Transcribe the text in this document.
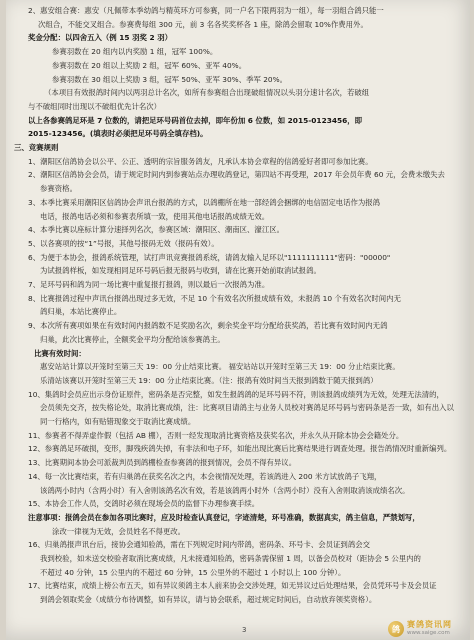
2、惠安组合赛：惠安（凡佩带本季幼鸽与精英环方可参赛，同一户名下限两羽为一组），每一羽组合鸽只能一
次组合，不能交叉组合。参赛费每组 300 元，前 3 名各奖奖杯各 1 座，除鸽会留取 10%作费用外。
奖金分配：以四舍五入（例 15 羽奖 2 羽）
参赛羽数在 20 组内以内奖励 1 组，冠军 100%。
参赛羽数在 20 组以上奖励 2 组，冠军 60%、亚军 40%。
参赛羽数在 30 组以上奖励 3 组，冠军 50%、亚军 30%、季军 20%。
（本项目有效报鸽时间内以两羽总计名次，如所有参赛组合出现破组情况以头羽分速计名次，若破组
与不破组同时出现以不破组优先计名次）
以上各参赛鸽足环是 7 位数的，请把足环号码首位去掉，即年份加 6 位数，如 2015-0123456，即
2015-123456。(填表时必须把足环号码全填存档)。
三、竞赛规则
1、潮阳区信鸽协会以公平、公正、透明的宗旨服务鸽友，凡承认本协会章程的信鸽爱好者即可参加比赛。
2、潮阳区信鸽协会会员，请于规定时间内到参赛站点办理收鸽登记，第四站不再受理，2017 年会员年费 60 元，会费未缴失去
参赛资格。
3、本季比赛采用潮阳区信鸽协会声讯台报鸽的方式，以鸽棚所在地一部经鸽会捆绑的电信固定电话作为报鸽
电话，报鸽电话必须和参赛表所填一致，使用其他电话报鸽成绩无效。
4、本季比赛以座标计算分速择列名次，参赛区域：潮阳区、潮南区、濠江区。
5、以各赛项的按“1”号报，其他号报码无效（报码有效）。
6、为便于本协会，报鸽系统管理，试打声讯竞赛报鸽系统，请鸽友输入足环以"1111111111"密码："00000"
为试报鸽样板，如发现相同足环号码后报无报码与收到，请在比赛开始前取消试报鸽。
7、足环号码和鸽为同一场比赛中重复报打报鸽，则以最后一次报鸽为准。
8、比赛报鸽过程中声讯台报鸽出现过多无效，不足 10 个有效名次所报成绩有效，未报鸽 10 个有效名次时间内无
鸽归巢，本站比赛停止。
9、本次所有赛项如果在有效时间内报鸽数不足奖励名次，剩余奖金平均分配给获奖鸽，若比赛有效时间内无鸽
归巢，此次比赛停止，全额奖金平均分配给该参赛鸽主。
比赛有效时间：
惠安站站计算以开笼时至第三天 19：00 分止结束比赛。 福安站站以开笼时至第三天 19：00 分止结束比赛。
乐清站该赛以开笼时至第三天 19：00 分止结束比赛。（注：报鸽有效时间当天报到鸽数于随天报到鸽）
10、集鸽时会员应出示身份证原件，密码条是否完整，如发生报鸽鸽的足环号码不符，则该报鸽成绩列为无效，处理无法清的，
会员须先交齐，按失格论处，取消比赛成绩，注：比赛项目请鸽主与业务人员校对赛鸽足环号码与密码条是否一致，如有出入以
同一行格内，如有贴错现象交于取消比赛成绩。
11、参赛者不得弄虚作假（包括 AB 棚），否则一经发现取消比赛资格及获奖名次，并永久从开除本协会会籍处分。
12、参赛鸽足环破损，变形，脚残疾鸽失掉，有非法和电子环，如能出现比赛后比赛结果进行调查处理。报告鸽情况时重新编列。
13、比赛期间本协会可派裁判员到鸽棚检查参赛鸽的报到情况，会员不得有异议。
14、每一次比赛结束，若有归巢鸽在获奖名次之内，本会视情况处理，若该鸽进入 200 米方试放鸽子飞翔，
该鸽两小时内（含两小时）有入舍则该鸽名次有效，若是该鸽两小时外（含两小时）没有入舍则取消该成绩名次。
15、本协会工作人员，交鸽时必须在现场会员的监督下办理参赛手续。
注意事项：报鸽会员在参加各项比赛时，应及时检查认真登记，字迹清楚，环号准确，数据真实，鸽主信息，严禁划写，
涂改一律视为无效，会员姓名不得更改。
16、归巢鸽报声讯台后，接协会通知验鸽，需在下列规定时间内带鸽，密码条、环号卡、会员证到鸽会交
我到校验，如未送交校验者取消比赛成绩，凡未接通知验鸽，密码条需保留 1 周，以备会员校对（距协会 5 公里内的
不超过 40 分钟，15 公里内的不超过 60 分钟，15 公里外的不超过 1 小时以上 100 分钟）。
17、比赛结束，成绩上榜公布五天，如有异议须鸽主本人前来协会交涉处理，如无异议过后处理结果，会员凭环号卡及会员证
到鸽会领取奖金（成绩分布待调整，如有异议，请与协会联系，超过规定时间后，自动放弃领奖资格）。
3	鸽 赛鸽资讯网
www.saige.com
